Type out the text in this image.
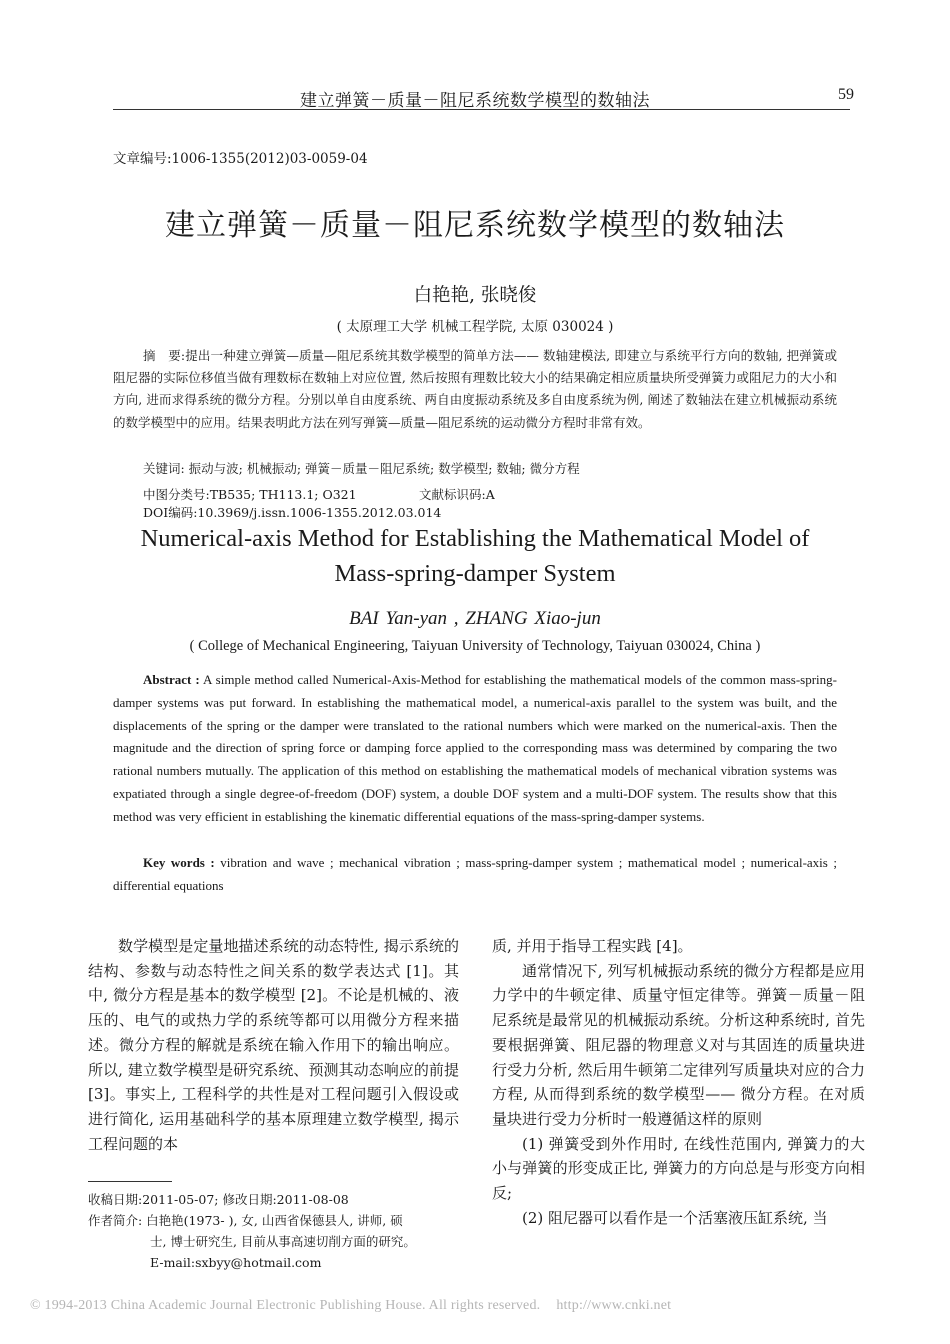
建立弹簧－质量－阻尼系统数学模型的数轴法	59
文章编号:1006-1355(2012)03-0059-04
建立弹簧－质量－阻尼系统数学模型的数轴法
白艳艳, 张晓俊
( 太原理工大学 机械工程学院, 太原 030024 )
摘　要:提出一种建立弹簧—质量—阻尼系统其数学模型的简单方法—— 数轴建模法, 即建立与系统平行方向的数轴, 把弹簧或阻尼器的实际位移值当做有理数标在数轴上对应位置, 然后按照有理数比较大小的结果确定相应质量块所受弹簧力或阻尼力的大小和方向, 进而求得系统的微分方程。分别以单自由度系统、两自由度振动系统及多自由度系统为例, 阐述了数轴法在建立机械振动系统的数学模型中的应用。结果表明此方法在列写弹簧—质量—阻尼系统的运动微分方程时非常有效。
关键词: 振动与波; 机械振动; 弹簧－质量－阻尼系统; 数学模型; 数轴; 微分方程
中图分类号:TB535; TH113.1; O321	文献标识码:ADOI编码:10.3969/j.issn.1006-1355.2012.03.014
Numerical-axis Method for Establishing the Mathematical Model of
Mass-spring-damper System
BAI Yan-yan , ZHANG Xiao-jun
( College of Mechanical Engineering, Taiyuan University of Technology, Taiyuan 030024, China )
Abstract : A simple method called Numerical-Axis-Method for establishing the mathematical models of the common mass-spring-damper systems was put forward. In establishing the mathematical model, a numerical-axis parallel to the system was built, and the displacements of the spring or the damper were translated to the rational numbers which were marked on the numerical-axis. Then the magnitude and the direction of spring force or damping force applied to the corresponding mass was determined by comparing the two rational numbers mutually. The application of this method on establishing the mathematical models of mechanical vibration systems was expatiated through a single degree-of-freedom (DOF) system, a double DOF system and a multi-DOF system. The results show that this method was very efficient in establishing the kinematic differential equations of the mass-spring-damper systems.
Key words : vibration and wave ; mechanical vibration ; mass-spring-damper system ; mathematical model ; numerical-axis ; differential equations

数学模型是定量地描述系统的动态特性, 揭示系统的结构、参数与动态特性之间关系的数学表达式 [1]。其中, 微分方程是基本的数学模型 [2]。不论是机械的、液压的、电气的或热力学的系统等都可以用微分方程来描述。微分方程的解就是系统在输入作用下的输出响应。所以, 建立数学模型是研究系统、预测其动态响应的前提 [3]。事实上, 工程科学的共性是对工程问题引入假设或进行简化, 运用基础科学的基本原理建立数学模型, 揭示工程问题的本

质, 并用于指导工程实践 [4]。

通常情况下, 列写机械振动系统的微分方程都是应用力学中的牛顿定律、质量守恒定律等。弹簧－质量－阻尼系统是最常见的机械振动系统。分析这种系统时, 首先要根据弹簧、阻尼器的物理意义对与其固连的质量块进行受力分析, 然后用牛顿第二定律列写质量块对应的合力方程, 从而得到系统的数学模型—— 微分方程。在对质量块进行受力分析时一般遵循这样的原则

(1) 弹簧受到外作用时, 在线性范围内, 弹簧力的大小与弹簧的形变成正比, 弹簧力的方向总是与形变方向相反;

(2) 阻尼器可以看作是一个活塞液压缸系统, 当

收稿日期:2011-05-07; 修改日期:2011-08-08

作者简介: 白艳艳(1973- ), 女, 山西省保德县人, 讲师, 硕

士, 博士研究生, 目前从事高速切削方面的研究。

E-mail:sxbyy@hotmail.com

© 1994-2013 China Academic Journal Electronic Publishing House. All rights reserved. http://www.cnki.net
